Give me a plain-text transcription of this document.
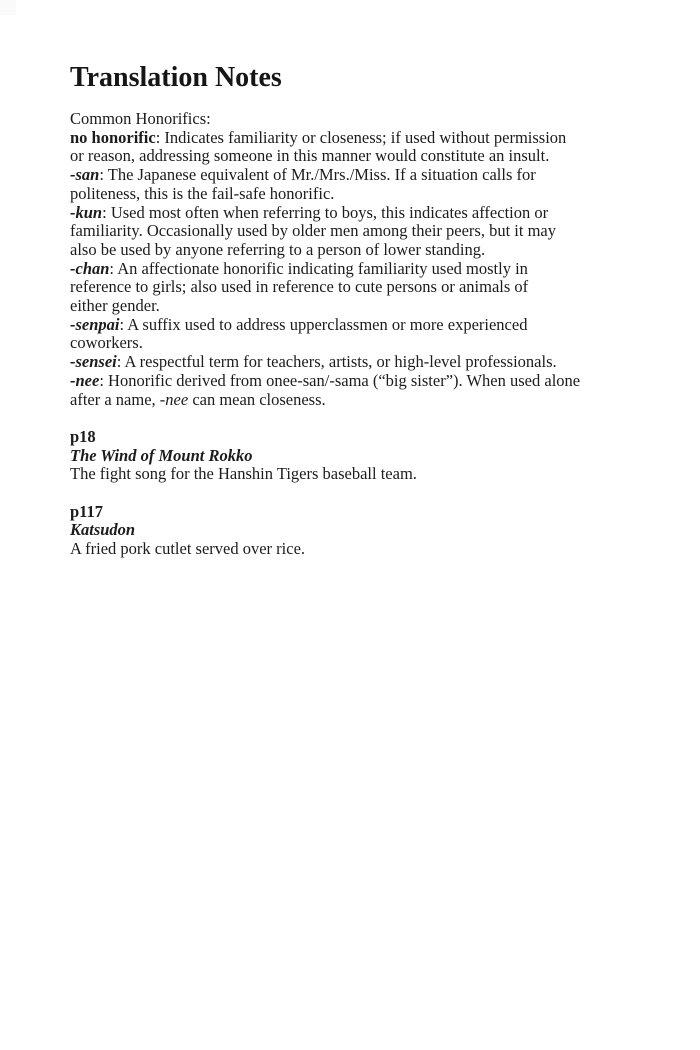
Translation Notes
Common Honorifics:
no honorific: Indicates familiarity or closeness; if used without permission
or reason, addressing someone in this manner would constitute an insult.
-san: The Japanese equivalent of Mr./Mrs./Miss. If a situation calls for
politeness, this is the fail-safe honorific.
-kun: Used most often when referring to boys, this indicates affection or
familiarity. Occasionally used by older men among their peers, but it may
also be used by anyone referring to a person of lower standing.
-chan: An affectionate honorific indicating familiarity used mostly in
reference to girls; also used in reference to cute persons or animals of
either gender.
-senpai: A suffix used to address upperclassmen or more experienced
coworkers.
-sensei: A respectful term for teachers, artists, or high-level professionals.
-nee: Honorific derived from onee-san/-sama (“big sister”). When used alone
after a name, -nee can mean closeness.
p18
The Wind of Mount Rokko
The fight song for the Hanshin Tigers baseball team.
p117
Katsudon
A fried pork cutlet served over rice.
